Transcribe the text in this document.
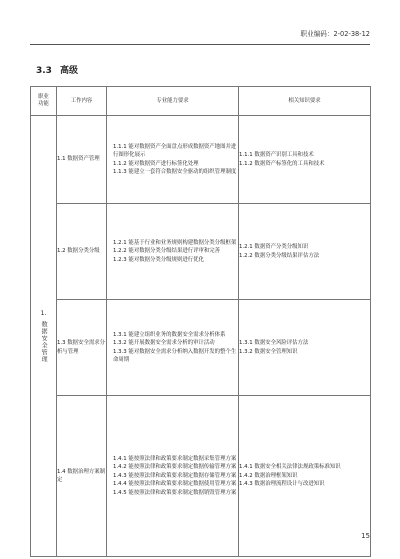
职业编码：2-02-38-12
3.3 高级
职业
功能	工作内容	专业能力要求	相关知识要求

1.
数据安全管理	1.1 数据资产管理	1.1.1 能对数据资产全面盘点形成数据资产地图并进行图形化展示
1.1.2 能对数据资产进行标签化处理
1.1.3 能建立一套符合数据安全驱动的组织管理制度	1.1.1 数据资产识别工具和技术
1.1.2 数据资产标签化的工具和技术

	1.2 数据分类分级	1.2.1 能基于行业和业务规则构建数据分类分级框架
1.2.2 能对数据分类分级结果进行评审和完善
1.2.3 能对数据分类分级规则进行优化	1.2.1 数据资产分类分级知识
1.2.2 数据分类分级结果评估方法

	1.3 数据安全需求分析与管理	1.3.1 能建立组织业务的数据安全需求分析体系
1.3.2 能开展数据安全需求分析的审计活动
1.3.3 能对数据安全需求分析纳入数据开发的整个生命周期	1.3.1 数据安全风险评估方法
1.3.2 数据安全管理知识

	1.4 数据治理方案制定	1.4.1 能按照法律和政策要求制定数据采集管理方案
1.4.2 能按照法律和政策要求制定数据传输管理方案
1.4.3 能按照法律和政策要求制定数据存储管理方案
1.4.4 能按照法律和政策要求制定数据使用管理方案
1.4.5 能按照法律和政策要求制定数据销毁管理方案	1.4.1 数据安全相关法律法规政策标准知识
1.4.2 数据治理框架知识
1.4.3 数据治理流程设计与改进知识
15
